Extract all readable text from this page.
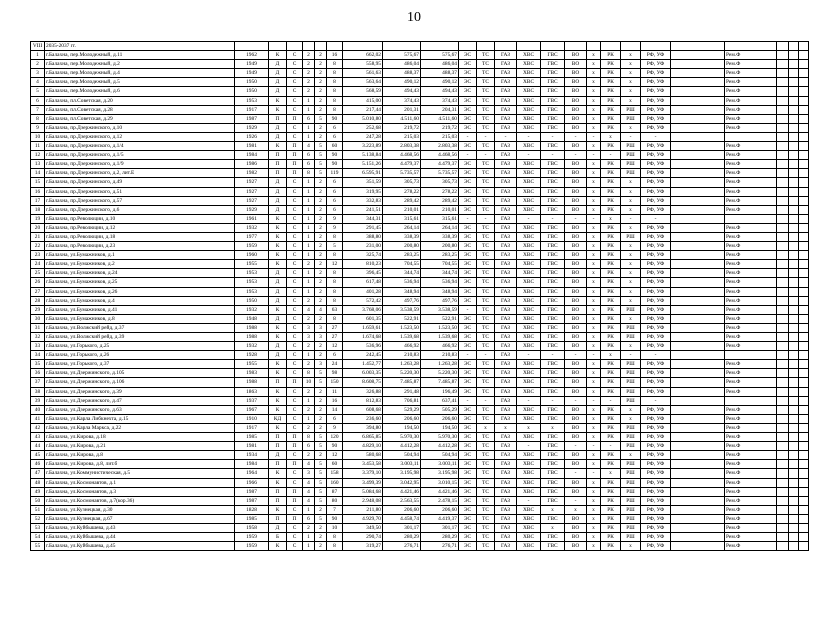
10
VIII	2035-2037 гг.																								
1	г.Балахна, пер.Молодежный, д.11	1962	К	С	2	2	16	662,02	575,67	575,67	ЭС	ТС	ГАЗ	ХВС	ГВС	ВО	х	РК	х	РФ, УФ		Рем.Ф			
2	г.Балахна, пер.Молодежный, д.2	1949	Д	С	2	2	8	558,95	486,04	486,04	ЭС	ТС	ГАЗ	ХВС	ГВС	ВО	х	РК	х	РФ, УФ		Рем.Ф			
3	г.Балахна, пер.Молодежный, д.4	1949	Д	С	2	2	8	561,63	488,37	488,37	ЭС	ТС	ГАЗ	ХВС	ГВС	ВО	х	РК	х	РФ, УФ		Рем.Ф			
4	г.Балахна, пер.Молодежный, д.5	1950	Д	С	2	2	8	563,64	490,12	490,12	ЭС	ТС	ГАЗ	ХВС	ГВС	ВО	х	РК	х	РФ, УФ		Рем.Ф			
5	г.Балахна, пер.Молодежный, д.6	1950	Д	С	2	2	8	568,59	494,43	494,43	ЭС	ТС	ГАЗ	ХВС	ГВС	ВО	х	РК	х	РФ, УФ		Рем.Ф			
6	г.Балахна, пл.Советская, д.20	1953	К	С	1	2	8	415,00	374,43	374,43	ЭС	ТС	ГАЗ	ХВС	ГВС	ВО	х	РК	х	РФ, УФ		Рем.Ф			
7	г.Балахна, пл.Советская, д.28	1917	К	С	1	2	8	217,44	201,31	204,31	ЭС	ТС	ГАЗ	ХВС	ГВС	ВО	х	РК	РШ	РФ, УФ		Рем.Ф			
8	г.Балахна, пл.Советская, д.29	1987	П	П	6	5	90	5.010,80	4.511,60	4.511,60	ЭС	ТС	ГАЗ	ХВС	ГВС	ВО	х	РК	РШ	РФ, УФ		Рем.Ф			
9	г.Балахна, пр.Дзержинского, д.10	1929	Д	С	1	2	6	252,68	219,72	219,72	ЭС	ТС	ГАЗ	ХВС	ГВС	ВО	х	РК	х	РФ, УФ		Рем.Ф			
10	г.Балахна, пр.Дзержинского, д.12	1926	Д	С	1	2	6	247,28	215,03	215,03	-	-	-	-	-	-	-	х	-	-					
11	г.Балахна, пр.Дзержинского, д.1/4	1981	К	П	4	5	60	3.223,89	2.803,38	2.803,38	ЭС	ТС	ГАЗ	ХВС	ГВС	ВО	х	РК	РШ	РФ, УФ		Рем.Ф			
12	г.Балахна, пр.Дзержинского, д.1/5	1984	П	П	6	5	90	5.138,84	4.468,56	4.468,56	-	-	ГАЗ	-	-	-	-	-	РШ	РФ, УФ		Рем.Ф			
13	г.Балахна, пр.Дзержинского, д.1/9	1986	П	П	6	5	90	5.151,26	4.479,37	4.479,37	ЭС	ТС	ГАЗ	ХВС	ГВС	ВО	х	РК	РШ	РФ, УФ		Рем.Ф			
14	г.Балахна, пр.Дзержинского, д.2, лит.Е	1982	П	П	8	5	119	6.595,91	5.735,57	5.735,57	ЭС	ТС	ГАЗ	ХВС	ГВС	ВО	х	РК	РШ	РФ, УФ		Рем.Ф			
15	г.Балахна, пр.Дзержинского, д.49	1927	Д	С	1	2	6	351,59	305,73	305,73	ЭС	ТС	ГАЗ	ХВС	ГВС	ВО	х	РК	х	РФ, УФ		Рем.Ф			
16	г.Балахна, пр.Дзержинского, д.51	1927	Д	С	1	2	6	319,95	278,22	278,22	ЭС	ТС	ГАЗ	ХВС	ГВС	ВО	х	РК	х	РФ, УФ		Рем.Ф			
17	г.Балахна, пр.Дзержинского, д.57	1927	Д	С	1	2	6	332,83	289,42	289,42	ЭС	ТС	ГАЗ	ХВС	ГВС	ВО	х	РК	х	РФ, УФ		Рем.Ф			
18	г.Балахна, пр.Дзержинского, д.6	1929	Д	С	1	2	6	241,51	210,01	210,01	ЭС	ТС	ГАЗ	ХВС	ГВС	ВО	х	РК	х	РФ, УФ		Рем.Ф			
19	г.Балахна, пр.Революции, д.10	1961	К	С	1	2	9	344,31	315,61	315,61	-	-	ГАЗ	-	-	-	-	х	-	-					
20	г.Балахна, пр.Революции, д.12	1932	К	С	1	2	9	291,45	264,14	264,14	ЭС	ТС	ГАЗ	ХВС	ГВС	ВО	х	РК	х	РФ, УФ		Рем.Ф			
21	г.Балахна, пр.Революции, д.18	1977	К	С	1	2	8	388,80	338,39	338,39	ЭС	ТС	ГАЗ	ХВС	ГВС	ВО	х	РК	РШ	РФ, УФ		Рем.Ф			
22	г.Балахна, пр.Революции, д.23	1959	К	С	1	2	5	231,00	200,80	200,80	ЭС	ТС	ГАЗ	ХВС	ГВС	ВО	х	РК	х	РФ, УФ		Рем.Ф			
23	г.Балахна, ул.Бумажников, д.1	1960	К	С	1	2	8	325,74	283,25	283,25	ЭС	ТС	ГАЗ	ХВС	ГВС	ВО	х	РК	х	РФ, УФ		Рем.Ф			
24	г.Балахна, ул.Бумажников, д.2	1955	К	С	2	2	12	810,23	704,55	704,55	ЭС	ТС	ГАЗ	ХВС	ГВС	ВО	х	РК	х	РФ, УФ		Рем.Ф			
25	г.Балахна, ул.Бумажников, д.24	1953	Д	С	1	2	8	396,45	344,74	344,74	ЭС	ТС	ГАЗ	ХВС	ГВС	ВО	х	РК	х	РФ, УФ		Рем.Ф			
26	г.Балахна, ул.Бумажников, д.25	1953	Д	С	1	2	8	617,48	536,94	536,94	ЭС	ТС	ГАЗ	ХВС	ГВС	ВО	х	РК	х	РФ, УФ		Рем.Ф			
27	г.Балахна, ул.Бумажников, д.26	1953	Д	С	1	2	8	401,28	348,94	348,94	ЭС	ТС	ГАЗ	ХВС	ГВС	ВО	х	РК	х	РФ, УФ		Рем.Ф			
28	г.Балахна, ул.Бумажников, д.4	1950	Д	С	2	2	8	572,42	497,76	497,76	ЭС	ТС	ГАЗ	ХВС	ГВС	ВО	х	РК	х	РФ, УФ		Рем.Ф			
29	г.Балахна, ул.Бумажников, д.41	1932	К	С	4	4	63	3.768,06	3.538,59	3.538,59	-	ТС	ГАЗ	ХВС	ГВС	ВО	х	РК	РШ	РФ, УФ		Рем.Ф			
30	г.Балахна, ул.Бумажников, д.8	1948	Д	С	2	2	8	601,35	522,91	522,91	ЭС	ТС	ГАЗ	ХВС	ГВС	ВО	х	РК	х	РФ, УФ		Рем.Ф			
31	г.Балахна, ул.Волжский рейд, д.37	1988	К	С	3	3	27	1.659,61	1.523,50	1.523,50	ЭС	ТС	ГАЗ	ХВС	ГВС	ВО	х	РК	РШ	РФ, УФ		Рем.Ф			
32	г.Балахна, ул.Волжский рейд, д.39	1988	К	С	3	3	27	1.674,68	1.539,68	1.539,68	ЭС	ТС	ГАЗ	ХВС	ГВС	ВО	х	РК	РШ	РФ, УФ		Рем.Ф			
33	г.Балахна, ул.Горького, д.25	1932	Д	С	2	2	12	536,96	466,92	466,92	ЭС	ТС	ГАЗ	ХВС	ГВС	ВО	х	РК	х	РФ, УФ		Рем.Ф			
34	г.Балахна, ул.Горького, д.26	1928	Д	С	1	2	6	242,45	210,83	210,83	-	-	ГАЗ	-	-	-	-	х	-	-					
35	г.Балахна, ул.Горького, д.37	1955	К	С	2	3	24	1.452,77	1.263,28	1.263,28	ЭС	ТС	ГАЗ	ХВС	ГВС	ВО	х	РК	РШ	РФ, УФ		Рем.Ф			
36	г.Балахна, ул.Дзержинского, д.105	1983	К	С	8	5	98	6.003,35	5.220,30	5.220,30	ЭС	ТС	ГАЗ	ХВС	ГВС	ВО	х	РК	РШ	РФ, УФ		Рем.Ф			
37	г.Балахна, ул.Дзержинского, д.106	1988	П	П	10	5	150	8.608,75	7.485,87	7.485,87	ЭС	ТС	ГАЗ	ХВС	ГВС	ВО	х	РК	РШ	РФ, УФ		Рем.Ф			
38	г.Балахна, ул.Дзержинского, д.39	1863	К	С	2	2	11	326,88	291,48	196,49	ЭС	ТС	ГАЗ	ХВС	ГВС	ВО	х	РК	РШ	РФ, УФ		Рем.Ф			
39	г.Балахна, ул.Дзержинского, д.47	1937	К	С	1	2	16	812,83	706,81	637,41	-	-	ГАЗ	-	-	-	-	-	РШ	-					
40	г.Балахна, ул.Дзержинского, д.63	1967	К	С	2	2	14	608,68	529,29	505,29	ЭС	ТС	ГАЗ	ХВС	ГВС	ВО	х	РК	х	РФ, УФ		Рем.Ф			
41	г.Балахна, ул.Карла Либкнехта, д.15	1910	КД	С	1	2	6	236,60	206,60	206,60	ЭС	ТС	ГАЗ	ХВС	ГВС	ВО	х	РК	х	РФ, УФ		Рем.Ф			
42	г.Балахна, ул.Карла Маркса, д.22	1917	К	С	2	2	9	394,80	194,50	194,50	ЭС	х	х	х	х	ВО	х	РК	РШ	РФ, УФ		Рем.Ф			
43	г.Балахна, ул.Кирова, д.18	1985	П	П	8	5	120	6.865,85	5.970,30	5.970,30	ЭС	ТС	ГАЗ	ХВС	ГВС	ВО	х	РК	РШ	РФ, УФ		Рем.Ф			
44	г.Балахна, ул.Кирова, д.21	1981	П	П	6	5	90	4.829,10	4.412,28	4.412,28	ЭС	ТС	ГАЗ	-	ГВС	-	-	-	РШ	РФ, УФ		Рем.Ф			
45	г.Балахна, ул.Кирова, д.8	1934	Д	С	2	2	12	580,68	504,94	504,94	ЭС	ТС	ГАЗ	ХВС	ГВС	ВО	х	РК	х	РФ, УФ		Рем.Ф			
46	г.Балахна, ул.Кирова, д.8, лит.б	1984	П	П	4	5	60	3.453,58	3.003,11	3.003,11	ЭС	ТС	ГАЗ	ХВС	ГВС	ВО	х	РК	РШ	РФ, УФ		Рем.Ф			
47	г.Балахна, ул.Коммунистическая, д.5	1964	К	С	3	5	158	3.379,10	3.195,98	3.195,98	ЭС	ТС	ГАЗ	ХВС	ГВС	-	-	х	РШ	РФ, УФ		Рем.Ф			
48	г.Балахна, ул.Космонавтов, д.1	1966	К	С	4	5	160	3.499,39	3.042,95	3.010,15	ЭС	ТС	ГАЗ	ХВС	ГВС	ВО	х	РК	РШ	РФ, УФ		Рем.Ф			
49	г.Балахна, ул.Космонавтов, д.3	1987	П	П	4	5	87	5.084,68	4.421,46	4.421,46	ЭС	ТС	ГАЗ	ХВС	ГВС	ВО	х	РК	РШ	РФ, УФ		Рем.Ф			
50	г.Балахна, ул.Космонавтов, д.7(кор.36)	1987	П	П	4	5	80	2.948,08	2.563,55	2.478,15	ЭС	ТС	ГАЗ	-	ГВС	-	х	РК	РШ	РФ, УФ		Рем.Ф			
51	г.Балахна, ул.Кузнецкая, д.30	1828	К	С	1	2	7	211,80	206,60	206,60	ЭС	ТС	ГАЗ	ХВС	х	х	х	РК	РШ	РФ, УФ		Рем.Ф			
52	г.Балахна, ул.Кузнецкая, д.67	1985	П	П	6	5	90	4.929,70	4.458,74	4.419,37	ЭС	ТС	ГАЗ	ХВС	ГВС	ВО	х	РК	РШ	РФ, УФ		Рем.Ф			
53	г.Балахна, ул.Куйбышева, д.43	1958	Д	С	2	2	10	349,50	301,17	301,17	ЭС	ТС	ГАЗ	ХВС	х	ВО	х	РК	РШ	РФ, УФ		Рем.Ф			
54	г.Балахна, ул.Куйбышева, д.44	1959	Б	С	1	2	8	290,74	280,29	280,29	ЭС	ТС	ГАЗ	ХВС	ГВС	ВО	х	РК	РШ	РФ, УФ		Рем.Ф			
55	г.Балахна, ул.Куйбышева, д.45	1959	К	С	1	2	8	319,27	276,71	276,71	ЭС	ТС	ГАЗ	ХВС	ГВС	ВО	х	РК	х	РФ, УФ		Рем.Ф			
